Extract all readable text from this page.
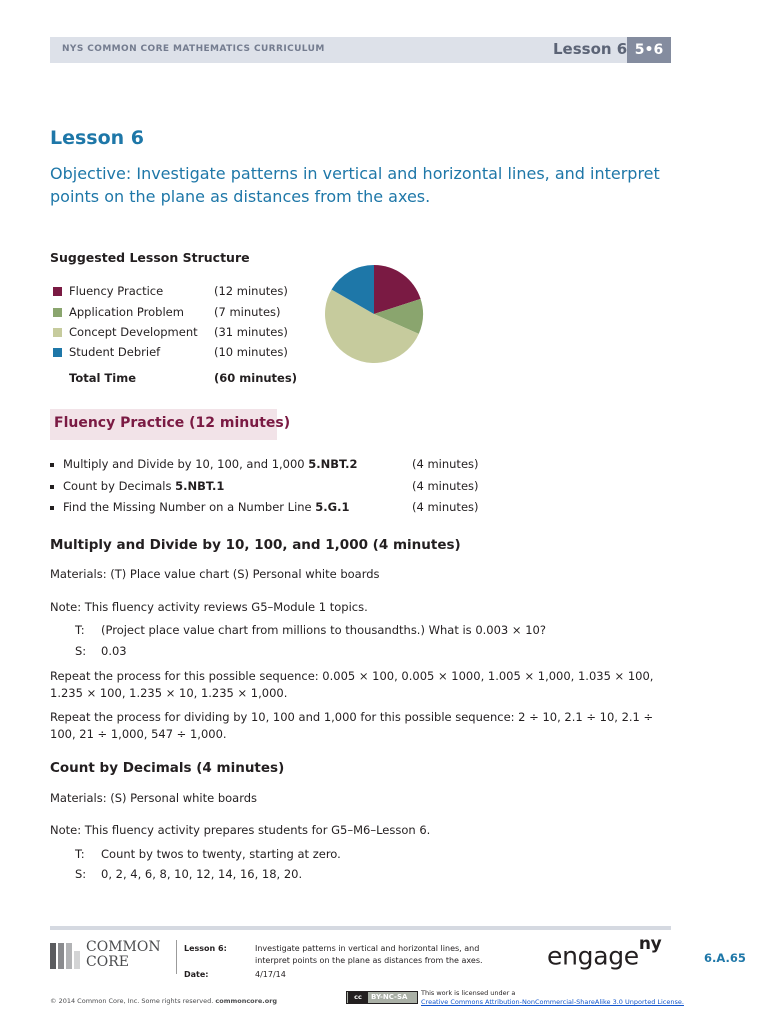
NYS COMMON CORE MATHEMATICS CURRICULUM	Lesson 6 5•6
Lesson 6
Objective: Investigate patterns in vertical and horizontal lines, and interpret points on the plane as distances from the axes.
Suggested Lesson Structure
Fluency Practice	(12 minutes)
Application Problem	(7 minutes)
Concept Development (31 minutes)
Student Debrief	(10 minutes)
Total Time	(60 minutes)
Fluency Practice (12 minutes)
Multiply and Divide by 10, 100, and 1,000 5.NBT.2	(4 minutes)
Count by Decimals 5.NBT.1	(4 minutes)
Find the Missing Number on a Number Line 5.G.1	(4 minutes)
Multiply and Divide by 10, 100, and 1,000 (4 minutes)
Materials: (T) Place value chart (S) Personal white boards
Note: This fluency activity reviews G5–Module 1 topics.
T: (Project place value chart from millions to thousandths.) What is 0.003 × 10?
S: 0.03
Repeat the process for this possible sequence: 0.005 × 100, 0.005 × 1000, 1.005 × 1,000, 1.035 × 100, 1.235 × 100, 1.235 × 10, 1.235 × 1,000.
Repeat the process for dividing by 10, 100 and 1,000 for this possible sequence: 2 ÷ 10, 2.1 ÷ 10, 2.1 ÷ 100, 21 ÷ 1,000, 547 ÷ 1,000.
Count by Decimals (4 minutes)
Materials: (S) Personal white boards
Note: This fluency activity prepares students for G5–M6–Lesson 6.
T: Count by twos to twenty, starting at zero.
S: 0, 2, 4, 6, 8, 10, 12, 14, 16, 18, 20.
COMMON
CORE
Lesson 6:	Investigate patterns in vertical and horizontal lines, and
interpret points on the plane as distances from the axes.
Date:	4/17/14
engage$^{ny}$
6.A.65
© 2014 Common Core, Inc. Some rights reserved. commoncore.org	cc	BY-NC-SA	This work is licensed under a
Creative Commons Attribution-NonCommercial-ShareAlike 3.0 Unported License.
